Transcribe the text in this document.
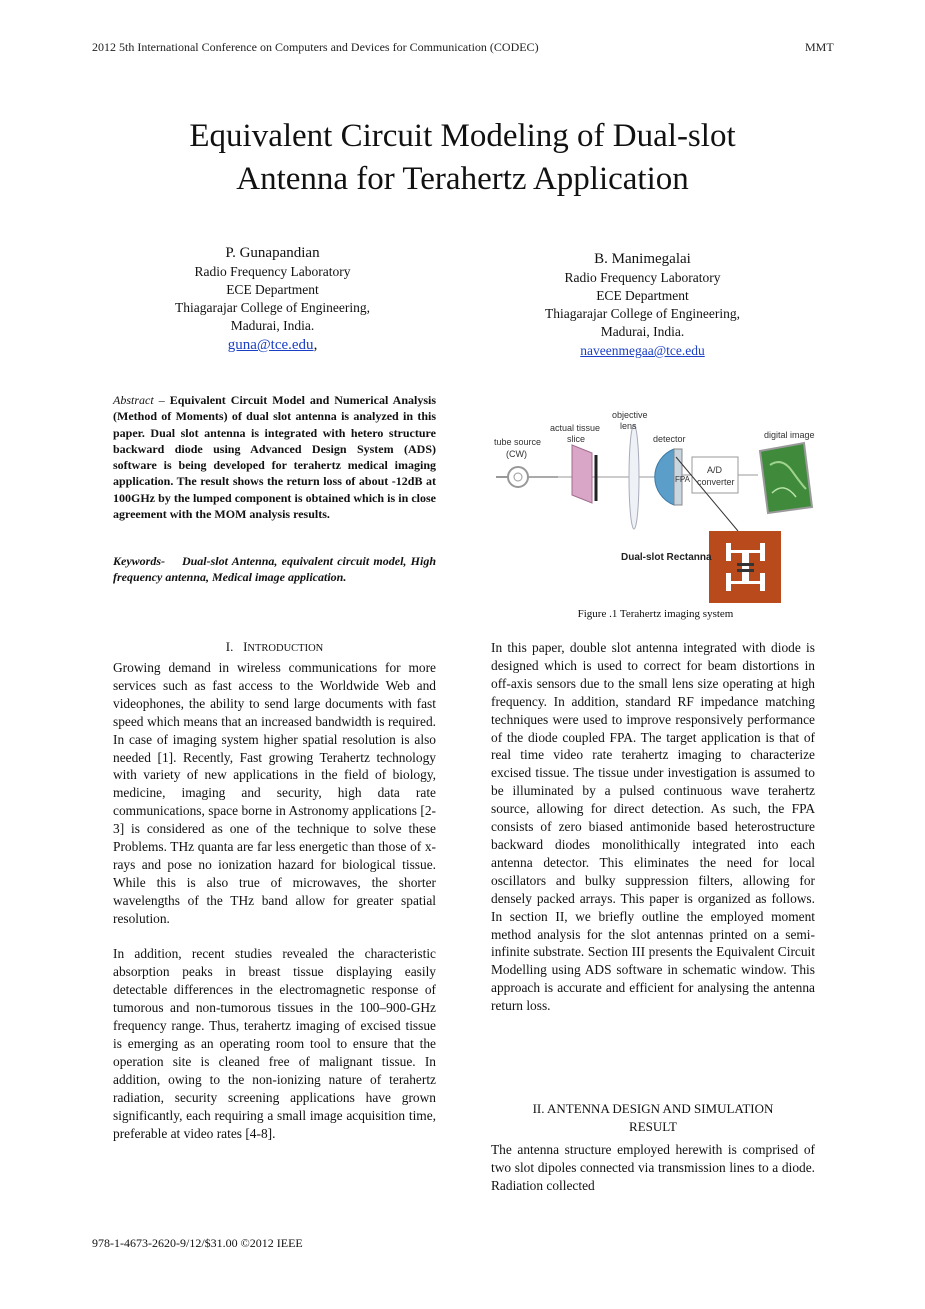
2012 5th International Conference on Computers and Devices for Communication (CODEC)	MMT
Equivalent Circuit Modeling of Dual-slot
Antenna for Terahertz Application
P. Gunapandian
Radio Frequency Laboratory
ECE Department
Thiagarajar College of Engineering,
Madurai, India.
guna@tce.edu,
B. Manimegalai
Radio Frequency Laboratory
ECE Department
Thiagarajar College of Engineering,
Madurai, India.
naveenmegaa@tce.edu
Abstract – Equivalent Circuit Model and Numerical Analysis (Method of Moments) of dual slot antenna is analyzed in this paper. Dual slot antenna is integrated with hetero structure backward diode using Advanced Design System (ADS) software is being developed for terahertz medical imaging application. The result shows the return loss of about -12dB at 100GHz by the lumped component is obtained which is in close agreement with the MOM analysis results.
Keywords- Dual-slot Antenna, equivalent circuit model, High frequency antenna, Medical image application.
tube source
(CW)
actual tissue
slice
objective
lens
detector
FPA
A/D
converter
digital image
Dual-slot Rectanna
Figure .1 Terahertz imaging system
I. INTRODUCTION

Growing demand in wireless communications for more services such as fast access to the Worldwide Web and videophones, the ability to send large documents with fast speed which means that an increased bandwidth is required. In case of imaging system higher spatial resolution is also needed [1]. Recently, Fast growing Terahertz technology with variety of new applications in the field of biology, medicine, imaging and security, high data rate communications, space borne in Astronomy applications [2-3] is considered as one of the technique to solve these Problems. THz quanta are far less energetic than those of x-rays and pose no ionization hazard for biological tissue. While this is also true of microwaves, the shorter wavelengths of the THz band allow for greater spatial resolution.

In addition, recent studies revealed the characteristic absorption peaks in breast tissue displaying easily detectable differences in the electromagnetic response of tumorous and non-tumorous tissues in the 100–900-GHz frequency range. Thus, terahertz imaging of excised tissue is emerging as an operating room tool to ensure that the operation site is cleaned free of malignant tissue. In addition, owing to the non-ionizing nature of terahertz radiation, security screening applications have grown significantly, each requiring a small image acquisition time, preferable at video rates [4-8].

In this paper, double slot antenna integrated with diode is designed which is used to correct for beam distortions in off-axis sensors due to the small lens size operating at high frequency. In addition, standard RF impedance matching techniques were used to improve responsively performance of the diode coupled FPA. The target application is that of real time video rate terahertz imaging to characterize excised tissue. The tissue under investigation is assumed to be illuminated by a pulsed continuous wave terahertz source, allowing for direct detection. As such, the FPA consists of zero biased antimonide based heterostructure backward diodes monolithically integrated into each antenna detector. This eliminates the need for local oscillators and bulky suppression filters, allowing for densely packed arrays. This paper is organized as follows. In section II, we briefly outline the employed moment method analysis for the slot antennas printed on a semi-infinite substrate. Section III presents the Equivalent Circuit Modelling using ADS software in schematic window. This approach is accurate and efficient for analysing the antenna return loss.

II. ANTENNA DESIGN AND SIMULATION
RESULT

The antenna structure employed herewith is comprised of two slot dipoles connected via transmission lines to a diode. Radiation collected

978-1-4673-2620-9/12/$31.00 ©2012 IEEE
